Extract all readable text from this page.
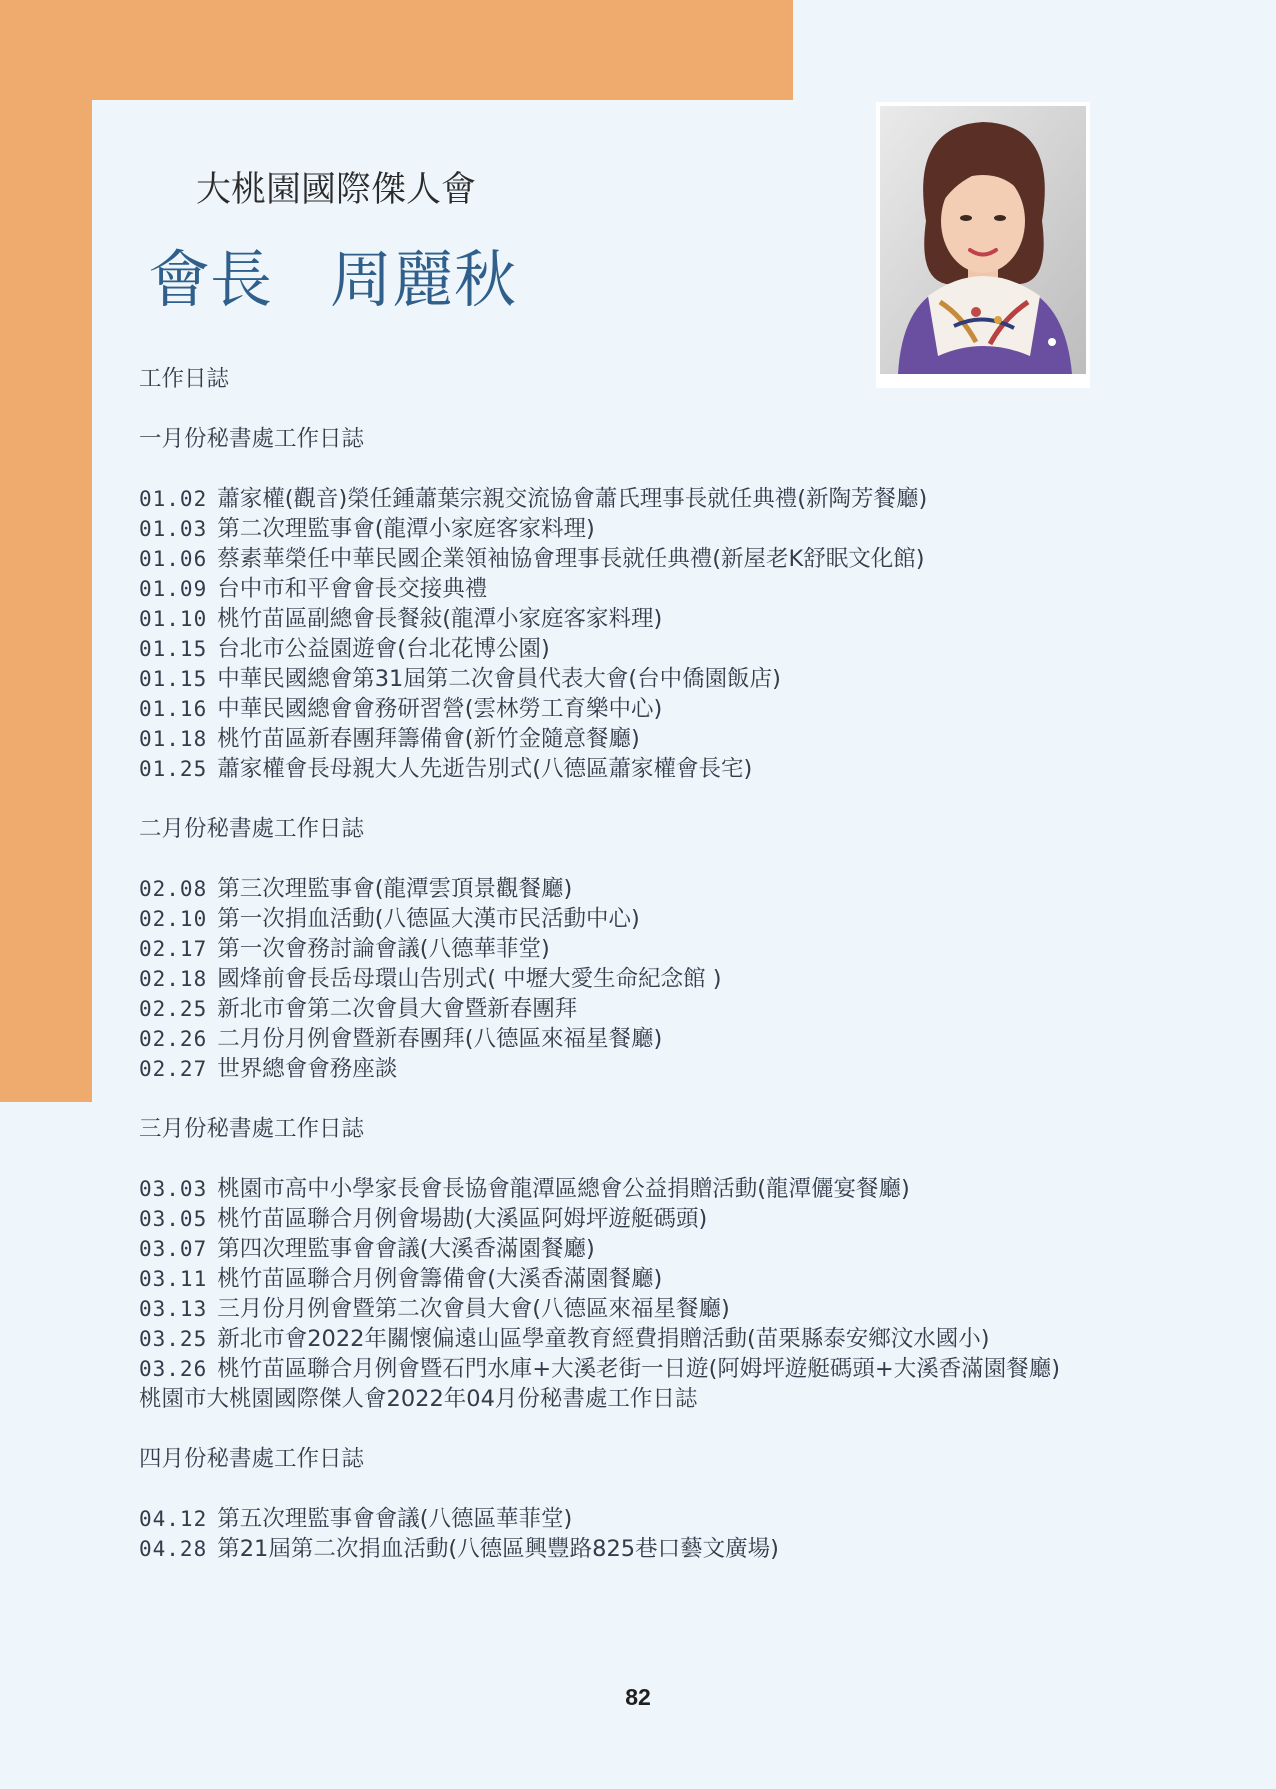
大桃園國際傑人會
會長 周麗秋
工作日誌
一月份秘書處工作日誌
01.02 蕭家權(觀音)榮任鍾蕭葉宗親交流協會蕭氏理事長就任典禮(新陶芳餐廳)
01.03 第二次理監事會(龍潭小家庭客家料理)
01.06 蔡素華榮任中華民國企業領袖協會理事長就任典禮(新屋老K舒眠文化館)
01.09 台中市和平會會長交接典禮
01.10 桃竹苗區副總會長餐敍(龍潭小家庭客家料理)
01.15 台北市公益園遊會(台北花博公園)
01.15 中華民國總會第31屆第二次會員代表大會(台中僑園飯店)
01.16 中華民國總會會務研習營(雲林勞工育樂中心)
01.18 桃竹苗區新春團拜籌備會(新竹金隨意餐廳)
01.25 蕭家權會長母親大人先逝告別式(八德區蕭家權會長宅)
二月份秘書處工作日誌
02.08 第三次理監事會(龍潭雲頂景觀餐廳)
02.10 第一次捐血活動(八德區大漢市民活動中心)
02.17 第一次會務討論會議(八德華菲堂)
02.18 國烽前會長岳母環山告別式( 中壢大愛生命紀念館 )
02.25 新北市會第二次會員大會暨新春團拜
02.26 二月份月例會暨新春團拜(八德區來福星餐廳)
02.27 世界總會會務座談
三月份秘書處工作日誌
03.03 桃園市高中小學家長會長協會龍潭區總會公益捐贈活動(龍潭儷宴餐廳)
03.05 桃竹苗區聯合月例會場勘(大溪區阿姆坪遊艇碼頭)
03.07 第四次理監事會會議(大溪香滿園餐廳)
03.11 桃竹苗區聯合月例會籌備會(大溪香滿園餐廳)
03.13 三月份月例會暨第二次會員大會(八德區來福星餐廳)
03.25 新北市會2022年關懷偏遠山區學童教育經費捐贈活動(苗栗縣泰安鄉汶水國小)
03.26 桃竹苗區聯合月例會暨石門水庫+大溪老街一日遊(阿姆坪遊艇碼頭+大溪香滿園餐廳)
桃園市大桃園國際傑人會2022年04月份秘書處工作日誌
四月份秘書處工作日誌
04.12 第五次理監事會會議(八德區華菲堂)
04.28 第21屆第二次捐血活動(八德區興豐路825巷口藝文廣場)
82
